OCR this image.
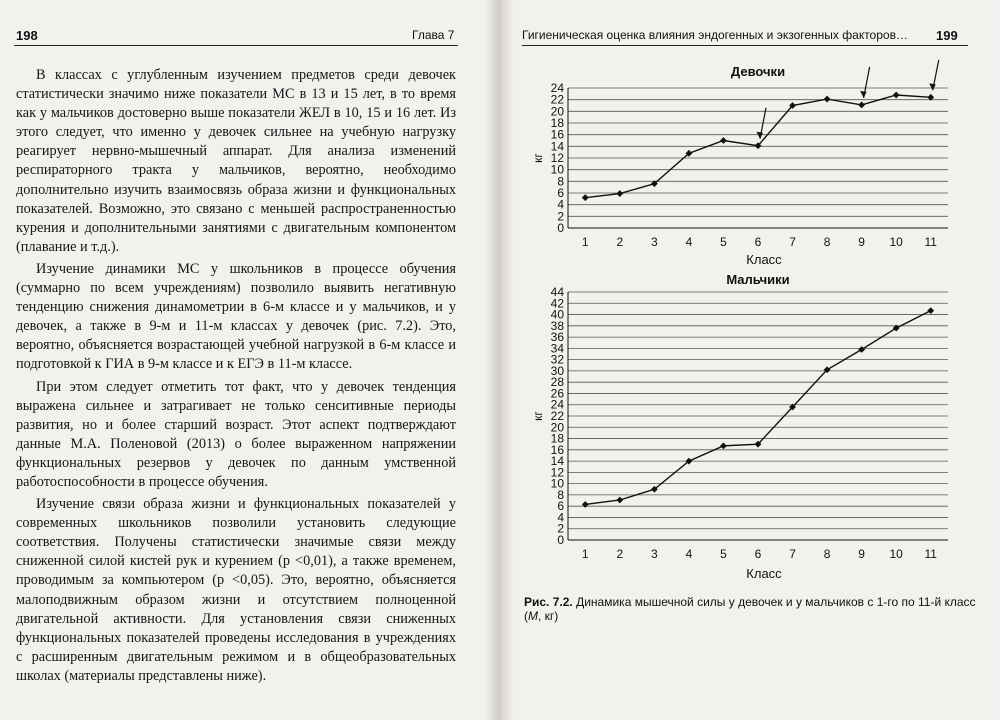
198	Глава 7

В классах с углубленным изучением предметов среди девочек статистически значимо ниже показатели МС в 13 и 15 лет, в то время как у мальчиков достоверно выше показатели ЖЕЛ в 10, 15 и 16 лет. Из этого следует, что именно у девочек сильнее на учебную нагрузку реагирует нервно-мышечный аппарат. Для анализа изменений респираторного тракта у мальчиков, вероятно, необходимо дополнительно изучить взаимосвязь образа жизни и функциональных показателей. Возможно, это связано с меньшей распространенностью курения и дополнительными занятиями с двигательным компонентом (плавание и т.д.).

Изучение динамики МС у школьников в процессе обучения (суммарно по всем учреждениям) позволило выявить негативную тенденцию снижения динамометрии в 6-м классе и у мальчиков, и у девочек, а также в 9-м и 11-м классах у девочек (рис. 7.2). Это, вероятно, объясняется возрастающей учебной нагрузкой в 6-м классе и подготовкой к ГИА в 9-м классе и к ЕГЭ в 11-м классе.

При этом следует отметить тот факт, что у девочек тенденция выражена сильнее и затрагивает не только сенситивные периоды развития, но и более старший возраст. Этот аспект подтверждают данные М.А. Поленовой (2013) о более выраженном напряжении функциональных резервов у девочек по данным умственной работоспособности в процессе обучения.

Изучение связи образа жизни и функциональных показателей у современных школьников позволили установить следующие соответствия. Получены статистически значимые связи между сниженной силой кистей рук и курением (p <0,01), а также временем, проводимым за компьютером (p <0,05). Это, вероятно, объясняется малоподвижным образом жизни и отсутствием полноценной двигательной активности. Для установления связи сниженных функциональных показателей проведены исследования в учреждениях с расширенным двигательным режимом и в общеобразовательных школах (материалы представлены ниже).

Гигиеническая оценка влияния эндогенных и экзогенных факторов… 199
0
2
4
6
8
10
12
14
16
18
20
22
24
1 2 3 4 5 6 7 8 9 10 11
Девочки
Класс
кг
0
2
4
6
8
10
12
14
16
18
20
22
24
26
28
30
32
34
36
38
40
42
44
1 2 3 4 5 6 7 8 9 10 11
Мальчики
Класс
кг
Рис. 7.2. Динамика мышечной силы у девочек и у мальчиков с 1-го по 11-й класс (M, кг)
